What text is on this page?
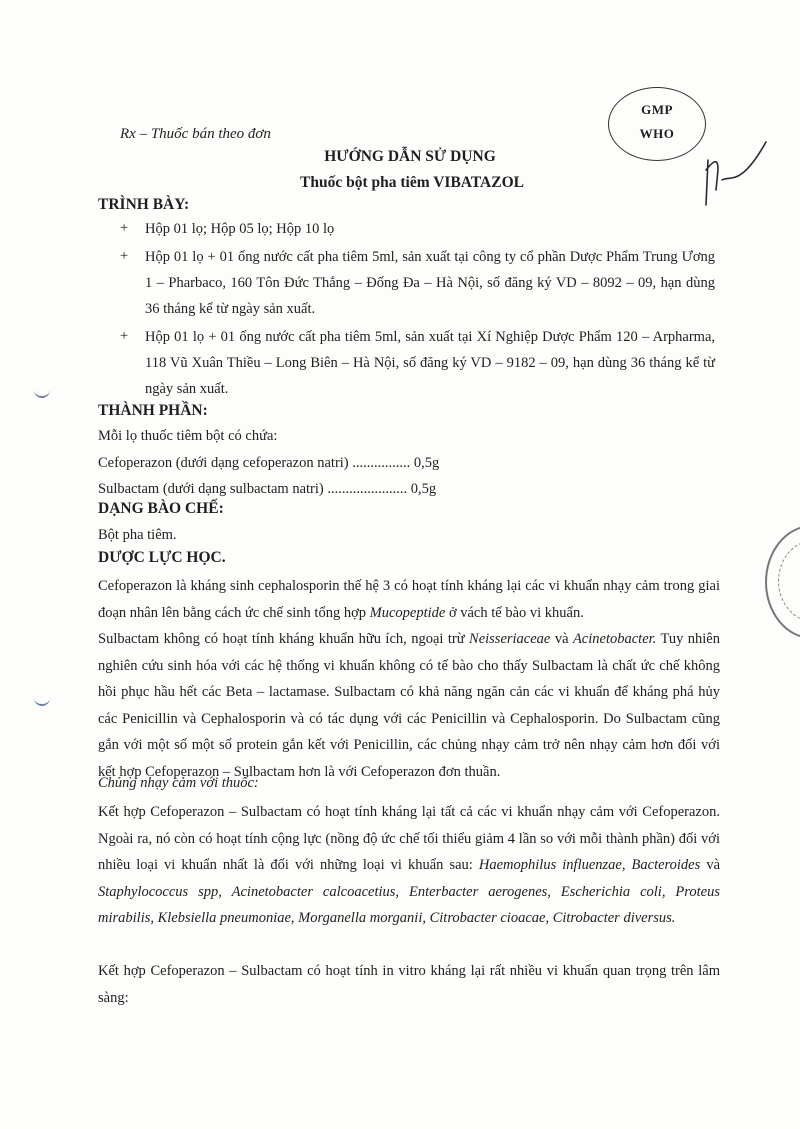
Rx – Thuốc bán theo đơn
GMP
WHO
HƯỚNG DẪN SỬ DỤNG
Thuốc bột pha tiêm VIBATAZOL
TRÌNH BÀY:
+ Hộp 01 lọ; Hộp 05 lọ; Hộp 10 lọ
+ Hộp 01 lọ + 01 ống nước cất pha tiêm 5ml, sản xuất tại công ty cổ phần Dược Phẩm Trung Ương 1 – Pharbaco, 160 Tôn Đức Thắng – Đống Đa – Hà Nội, số đăng ký VD – 8092 – 09, hạn dùng 36 tháng kể từ ngày sản xuất.
+ Hộp 01 lọ + 01 ống nước cất pha tiêm 5ml, sản xuất tại Xí Nghiệp Dược Phẩm 120 – Arpharma, 118 Vũ Xuân Thiều – Long Biên – Hà Nội, số đăng ký VD – 9182 – 09, hạn dùng 36 tháng kể từ ngày sản xuất.
THÀNH PHẦN:
Mỗi lọ thuốc tiêm bột có chứa:
Cefoperazon (dưới dạng cefoperazon natri) ................ 0,5g
Sulbactam (dưới dạng sulbactam natri) ...................... 0,5g
DẠNG BÀO CHẾ:
Bột pha tiêm.
DƯỢC LỰC HỌC.
Cefoperazon là kháng sinh cephalosporin thế hệ 3 có hoạt tính kháng lại các vi khuẩn nhạy cảm trong giai đoạn nhân lên bằng cách ức chế sinh tổng hợp Mucopeptide ở vách tế bào vi khuẩn.
Sulbactam không có hoạt tính kháng khuẩn hữu ích, ngoại trừ Neisseriaceae và Acinetobacter. Tuy nhiên nghiên cứu sinh hóa với các hệ thống vi khuẩn không có tế bào cho thấy Sulbactam là chất ức chế không hồi phục hầu hết các Beta – lactamase. Sulbactam có khả năng ngăn cản các vi khuẩn để kháng phá hủy các Penicillin và Cephalosporin và có tác dụng với các Penicillin và Cephalosporin. Do Sulbactam cũng gắn với một số một số protein gắn kết với Penicillin, các chủng nhạy cảm trở nên nhạy cảm hơn đối với kết hợp Cefoperazon – Sulbactam hơn là với Cefoperazon đơn thuần.
Chủng nhạy cảm với thuốc:
Kết hợp Cefoperazon – Sulbactam có hoạt tính kháng lại tất cả các vi khuẩn nhạy cảm với Cefoperazon. Ngoài ra, nó còn có hoạt tính cộng lực (nồng độ ức chế tối thiểu giảm 4 lần so với mỗi thành phần) đối với nhiều loại vi khuẩn nhất là đối với những loại vi khuẩn sau: Haemophilus influenzae, Bacteroides và Staphylococcus spp, Acinetobacter calcoacetius, Enterbacter aerogenes, Escherichia coli, Proteus mirabilis, Klebsiella pneumoniae, Morganella morganii, Citrobacter cioacae, Citrobacter diversus.
Kết hợp Cefoperazon – Sulbactam có hoạt tính in vitro kháng lại rất nhiều vi khuẩn quan trọng trên lâm sàng:
